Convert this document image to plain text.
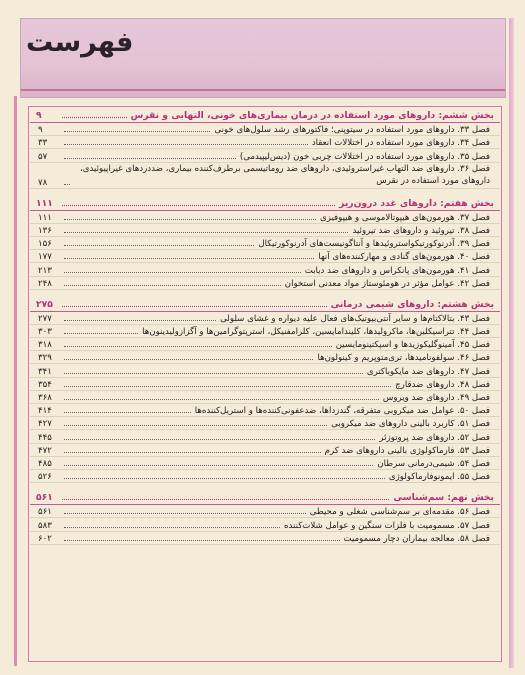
فهرست
بخش ششم: داروهای مورد استفاده در درمان بیماری‌های خونی، التهابی و نقرس
۹
فصل ۳۳. داروهای مورد استفاده در سیتوپنی؛ فاکتورهای رشد سلول‌های خونی
۹
فصل ۳۴. داروهای مورد استفاده در اختلالات انعقاد
۳۳
فصل ۳۵. داروهای مورد استفاده در اختلالات چربی خون (دیس‌لیپیدمی)
۵۷
فصل ۳۶. داروهای ضد التهاب غیراستروئیدی، داروهای ضد روماتیسمی برطرف‌کننده بیماری، ضددردهای غیراپیوئیدی، داروهای مورد استفاده در نقرس
۷۸
بخش هفتم: داروهای غدد درون‌ریز
۱۱۱
فصل ۳۷. هورمون‌های هیپوتالاموسی و هیپوفیزی
۱۱۱
فصل ۳۸. تیروئید و داروهای ضد تیروئید
۱۳۶
فصل ۳۹. آدرنوکورتیکواستروئیدها و آنتاگونیست‌های آدرنوکورتیکال
۱۵۶
فصل ۴۰. هورمون‌های گنادی و مهارکننده‌های آنها
۱۷۷
فصل ۴۱. هورمون‌های پانکراس و داروهای ضد دیابت
۲۱۳
فصل ۴۲. عوامل مؤثر در هومئوستاز مواد معدنی استخوان
۲۴۸
بخش هشتم: داروهای شیمی درمانی
۲۷۵
فصل ۴۳. بتالاکتام‌ها و سایر آنتی‌بیوتیک‌های فعال علیه دیواره و غشای سلولی
۲۷۷
فصل ۴۴. تتراسیکلین‌ها، ماکرولیدها، کلیندامایسین، کلرامفنیکل، استرپتوگرامین‌ها و آگزازولیدینون‌ها
۳۰۳
فصل ۴۵. آمینوگلیکوزیدها و اسپکتینومایسین
۳۱۸
فصل ۴۶. سولفونامیدها، تری‌متوپریم و کینولون‌ها
۳۲۹
فصل ۴۷. داروهای ضد مایکوباکتری
۳۴۱
فصل ۴۸. داروهای ضدقارچ
۳۵۴
فصل ۴۹. داروهای ضد ویروس
۳۶۸
فصل ۵۰. عوامل ضد میکروبی متفرقه، گندزداها، ضدعفونی‌کننده‌ها و استریل‌کننده‌ها
۴۱۴
فصل ۵۱. کاربرد بالینی داروهای ضد میکروبی
۴۲۷
فصل ۵۲. داروهای ضد پروتوزئر
۴۴۵
فصل ۵۳. فارماکولوژی بالینی داروهای ضد کرم
۴۷۲
فصل ۵۴. شیمی‌درمانی سرطان
۴۸۵
فصل ۵۵. ایمونوفارماکولوژی
۵۲۶
بخش نهم: سم‌شناسی
۵۶۱
فصل ۵۶. مقدمه‌ای بر سم‌شناسی شغلی و محیطی
۵۶۱
فصل ۵۷. مسمومیت با فلزات سنگین و عوامل شلات‌کننده
۵۸۳
فصل ۵۸. معالجه بیماران دچار مسمومیت
۶۰۲
